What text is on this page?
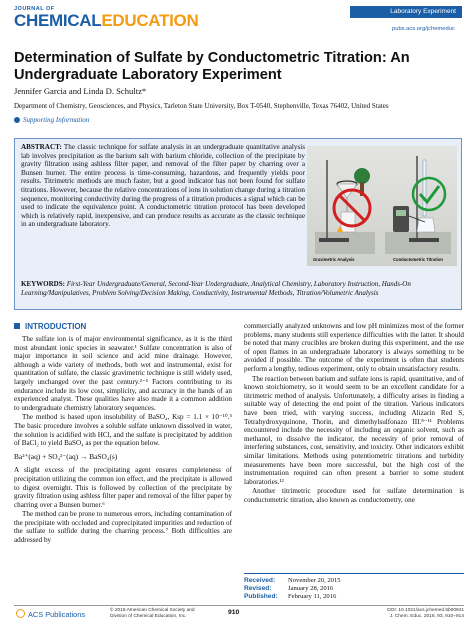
JOURNAL OF
CHEMICALEDUCATION	Laboratory Experiment
pubs.acs.org/jchemeduc
Determination of Sulfate by Conductometric Titration: An Undergraduate Laboratory Experiment
Jennifer Garcia and Linda D. Schultz*
Department of Chemistry, Geosciences, and Physics, Tarleton State University, Box T-0540, Stephenville, Texas 76402, United States
Supporting Information
ABSTRACT: The classic technique for sulfate analysis in an undergraduate quantitative analysis lab involves precipitation as the barium salt with barium chloride, collection of the precipitate by gravity filtration using ashless filter paper, and removal of the filter paper by charring over a Bunsen burner. The entire process is time-consuming, hazardous, and frequently yields poor results. Titrimetric methods are much faster, but a good indicator has not been found for sulfate titrations. However, because the relative concentrations of ions in solution change during a titration sequence, monitoring conductivity during the progress of a titration produces a signal which can be used to indicate the equivalence point. A conductometric titration protocol has been developed which is relatively rapid, inexpensive, and can produce results as accurate as the classic technique in an undergraduate laboratory.
Gravimetric Analysis	Conductometric Titration
KEYWORDS: First-Year Undergraduate/General, Second-Year Undergraduate, Analytical Chemistry, Laboratory Instruction, Hands-On Learning/Manipulatives, Problem Solving/Decision Making, Conductivity, Instrumental Methods, Titration/Volumetric Analysis
INTRODUCTION

The sulfate ion is of major environmental significance, as it is the third most abundant ionic species in seawater.¹ Sulfate concentration is also of major importance in soil science and acid mine drainage. However, although a wide variety of methods, both wet and instrumental, exist for quantitation of sulfate, the classic gravimetric technique is still widely used, largely unchanged over the past century.²⁻⁵ Factors contributing to its endurance include its low cost, simplicity, and accuracy in the hands of an experienced analyst. These qualities have also made it a common addition to undergraduate chemistry laboratory sequences.

The method is based upon insolubility of BaSO₄, Ksp = 1.1 × 10⁻¹⁰.⁵ The basic procedure involves a soluble sulfate unknown dissolved in water, the solution is acidified with HCl, and the sulfate is precipitated by addition of BaCl₂ to yield BaSO₄ as per the equation below.

Ba²⁺(aq) + SO₄²⁻(aq) → BaSO₄(s)

A slight excess of the precipitating agent ensures completeness of precipitation utilizing the common ion effect, and the precipitate is allowed to digest overnight. This is followed by collection of the precipitate by gravity filtration using ashless filter paper and removal of the filter paper by charring over a Bunsen burner.⁶

The method can be prone to numerous errors, including contamination of the precipitate with occluded and coprecipitated impurities and reduction of the sulfate to sulfide during the charring process.⁷ Both difficulties are addressed by

commercially analyzed unknowns and low pH minimizes most of the former problems, many students still experience difficulties with the latter. It should be noted that many crucibles are broken during this experiment, and the use of open flames in an undergraduate laboratory is always something to be avoided if possible. The outcome of the experiment is often that students perform a lengthy, tedious experiment, only to obtain unsatisfactory results.

The reaction between barium and sulfate ions is rapid, quantitative, and of known stoichiometry, so it would seem to be an excellent candidate for a titrimetric method of analysis. Unfortunately, a difficulty arises in finding a suitable way of detecting the end point of the titration. Various indicators have been tried, with varying success, including Alizarin Red S, Tetrahydroxyquinone, Thorin, and dimethylsulfonazo III.⁸⁻¹¹ Problems encountered include the necessity of including an organic solvent, such as methanol, to dissolve the indicator, the necessity of prior removal of interfering substances, cost, sensitivity, and toxicity. Other indicators exhibit similar limitations. Methods using potentiometric titrations and turbidity measurements have been more successful, but the high cost of the instrumentation required can often present a barrier to some student laboratories.¹²

Another titrimetric procedure used for sulfate determination is conductometric titration, also known as conductometry, one

Received: November 20, 2015
Revised:	January 28, 2016
Published: February 11, 2016
ACS Publications	© 2016 American Chemical Society and
Division of Chemical Education, Inc.
910	DOI: 10.1021/acs.jchemed.5b00941
J. Chem. Educ. 2016, 93, 910−914
